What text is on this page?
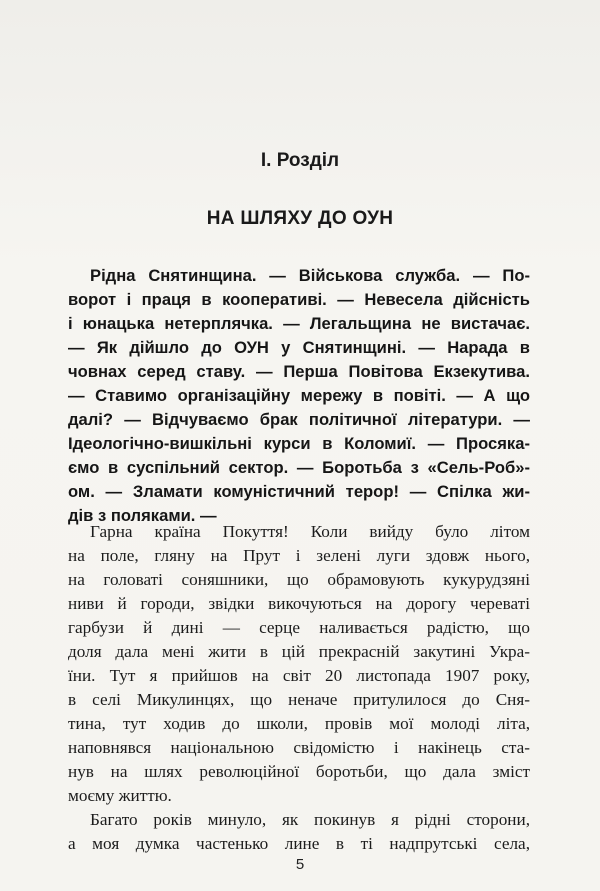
І. Розділ
НА ШЛЯХУ ДО ОУН
Рідна Снятинщина. — Військова служба. — По-
ворот і праця в кооперативі. — Невесела дійсність
і юнацька нетерплячка. — Легальщина не вистачає.
— Як дійшло до ОУН у Снятинщині. — Нарада в
човнах серед ставу. — Перша Повітова Екзекутива.
— Ставимо організаційну мережу в повіті. — А що
далі? — Відчуваємо брак політичної літератури. —
Ідеологічно-вишкільні курси в Коломиї. — Просяка-
ємо в суспільний сектор. — Боротьба з «Сель-Роб»-
ом. — Зламати комуністичний терор! — Спілка жи-
дів з поляками. —
Гарна країна Покуття! Коли вийду було літом
на поле, гляну на Прут і зелені луги здовж нього,
на головаті соняшники, що обрамовують кукурудзяні
ниви й городи, звідки викочуються на дорогу череваті
гарбузи й дині — серце наливається радістю, що
доля дала мені жити в цій прекрасній закутині Укра-
їни. Тут я прийшов на світ 20 листопада 1907 року,
в селі Микулинцях, що неначе притулилося до Сня-
тина, тут ходив до школи, провів мої молоді літа,
наповнявся національною свідомістю і накінець ста-
нув на шлях революційної боротьби, що дала зміст
моєму життю.
Багато років минуло, як покинув я рідні сторони,
а моя думка частенько лине в ті надпрутські села,
5
